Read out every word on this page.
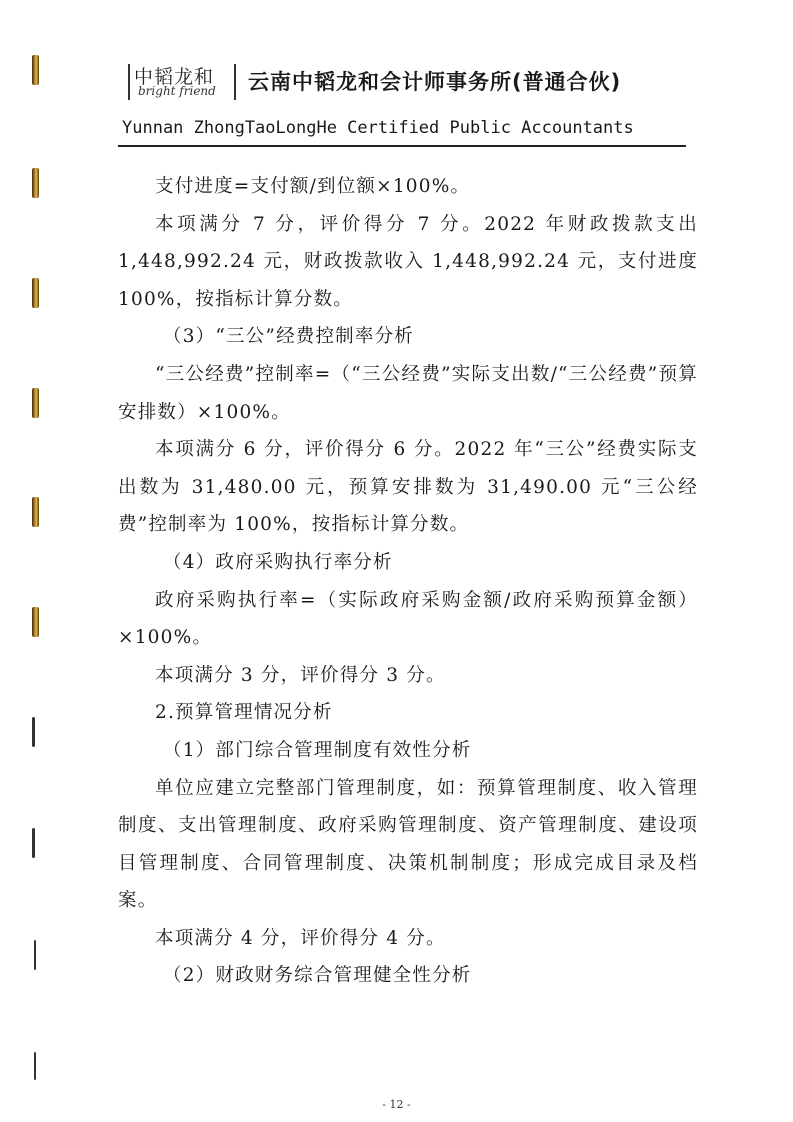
中韬龙和
bright friend 云南中韬龙和会计师事务所(普通合伙)
Yunnan ZhongTaoLongHe Certified Public Accountants

支付进度=支付额/到位额×100%。

本项满分 7 分，评价得分 7 分。2022 年财政拨款支出 1,448,992.24 元，财政拨款收入 1,448,992.24 元，支付进度 100%，按指标计算分数。

（3）“三公”经费控制率分析

“三公经费”控制率=（“三公经费”实际支出数/“三公经费”预算安排数）×100%。

本项满分 6 分，评价得分 6 分。2022 年“三公”经费实际支出数为 31,480.00 元，预算安排数为 31,490.00 元“三公经费”控制率为 100%，按指标计算分数。

（4）政府采购执行率分析

政府采购执行率=（实际政府采购金额/政府采购预算金额）×100%。

本项满分 3 分，评价得分 3 分。

2.预算管理情况分析

（1）部门综合管理制度有效性分析

单位应建立完整部门管理制度，如：预算管理制度、收入管理制度、支出管理制度、政府采购管理制度、资产管理制度、建设项目管理制度、合同管理制度、决策机制制度；形成完成目录及档案。

本项满分 4 分，评价得分 4 分。

（2）财政财务综合管理健全性分析

- 12 -
